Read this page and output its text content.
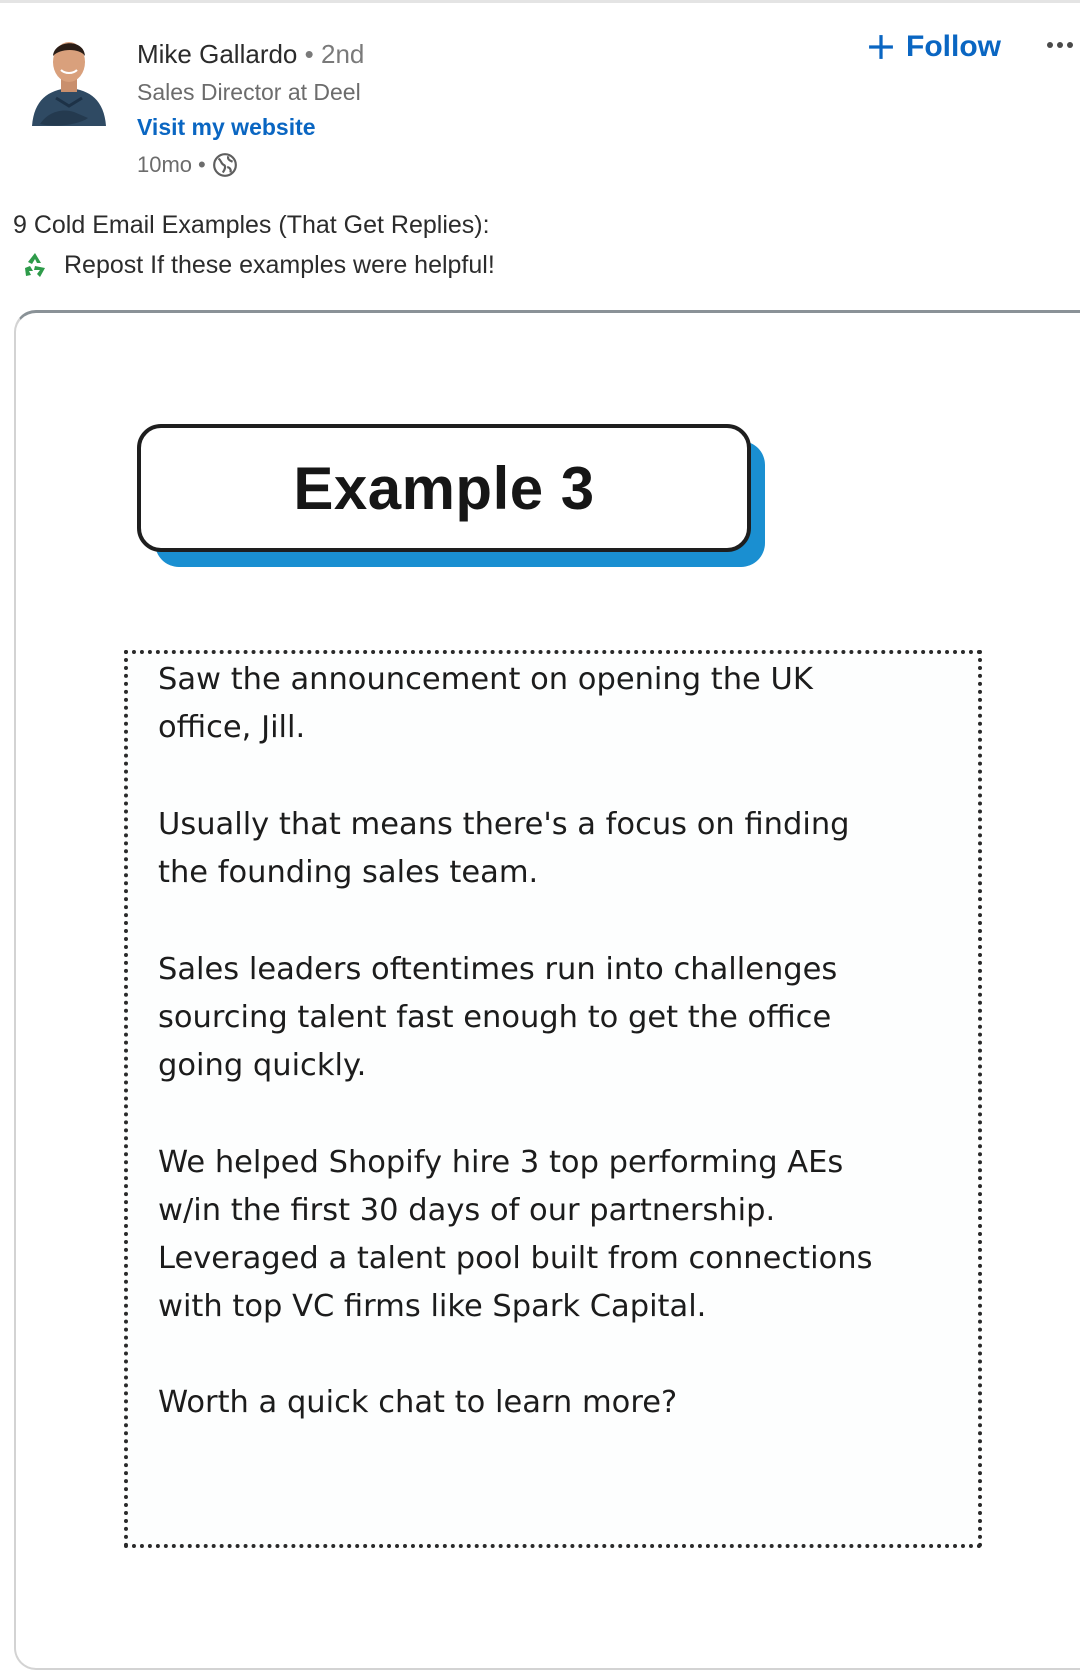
Mike Gallardo • 2nd
Sales Director at Deel
Visit my website
10mo •
Follow
9 Cold Email Examples (That Get Replies):
Repost If these examples were helpful!
Example 3

Saw the announcement on opening the UK
office, Jill.

Usually that means there's a focus on finding
the founding sales team.

Sales leaders oftentimes run into challenges
sourcing talent fast enough to get the office
going quickly.

We helped Shopify hire 3 top performing AEs
w/in the first 30 days of our partnership.
Leveraged a talent pool built from connections
with top VC firms like Spark Capital.

Worth a quick chat to learn more?
